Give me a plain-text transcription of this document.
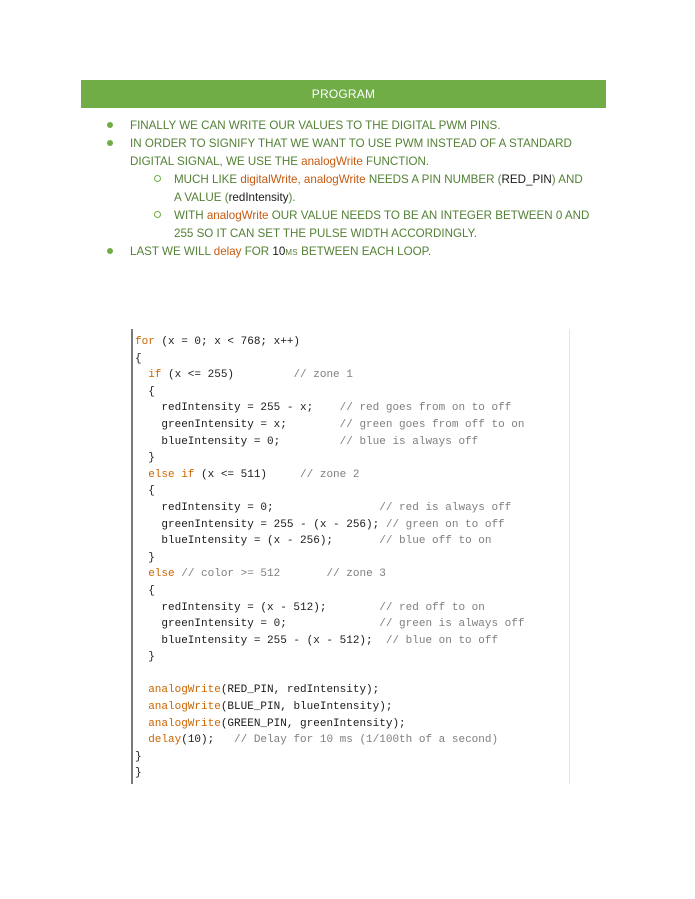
PROGRAM
FINALLY WE CAN WRITE OUR VALUES TO THE DIGITAL PWM PINS.
IN ORDER TO SIGNIFY THAT WE WANT TO USE PWM INSTEAD OF A STANDARD
DIGITAL SIGNAL, WE USE THE analogWrite FUNCTION.
MUCH LIKE digitalWrite, analogWrite NEEDS A PIN NUMBER (RED_PIN) AND
A VALUE (redIntensity).
WITH analogWrite OUR VALUE NEEDS TO BE AN INTEGER BETWEEN 0 AND
255 SO IT CAN SET THE PULSE WIDTH ACCORDINGLY.
LAST WE WILL delay FOR 10MS BETWEEN EACH LOOP.
for (x = 0; x < 768; x++)
{
if (x <= 255)         // zone 1
{
redIntensity = 255 - x;    // red goes from on to off
greenIntensity = x;        // green goes from off to on
blueIntensity = 0;         // blue is always off
}
else if (x <= 511)     // zone 2
{
redIntensity = 0;                // red is always off
greenIntensity = 255 - (x - 256); // green on to off
blueIntensity = (x - 256);       // blue off to on
}
else // color >= 512	// zone 3
{
redIntensity = (x - 512);        // red off to on
greenIntensity = 0;              // green is always off
blueIntensity = 255 - (x - 512);  // blue on to off
}

analogWrite(RED_PIN, redIntensity);
analogWrite(BLUE_PIN, blueIntensity);
analogWrite(GREEN_PIN, greenIntensity);
delay(10);   // Delay for 10 ms (1/100th of a second)
}
}
